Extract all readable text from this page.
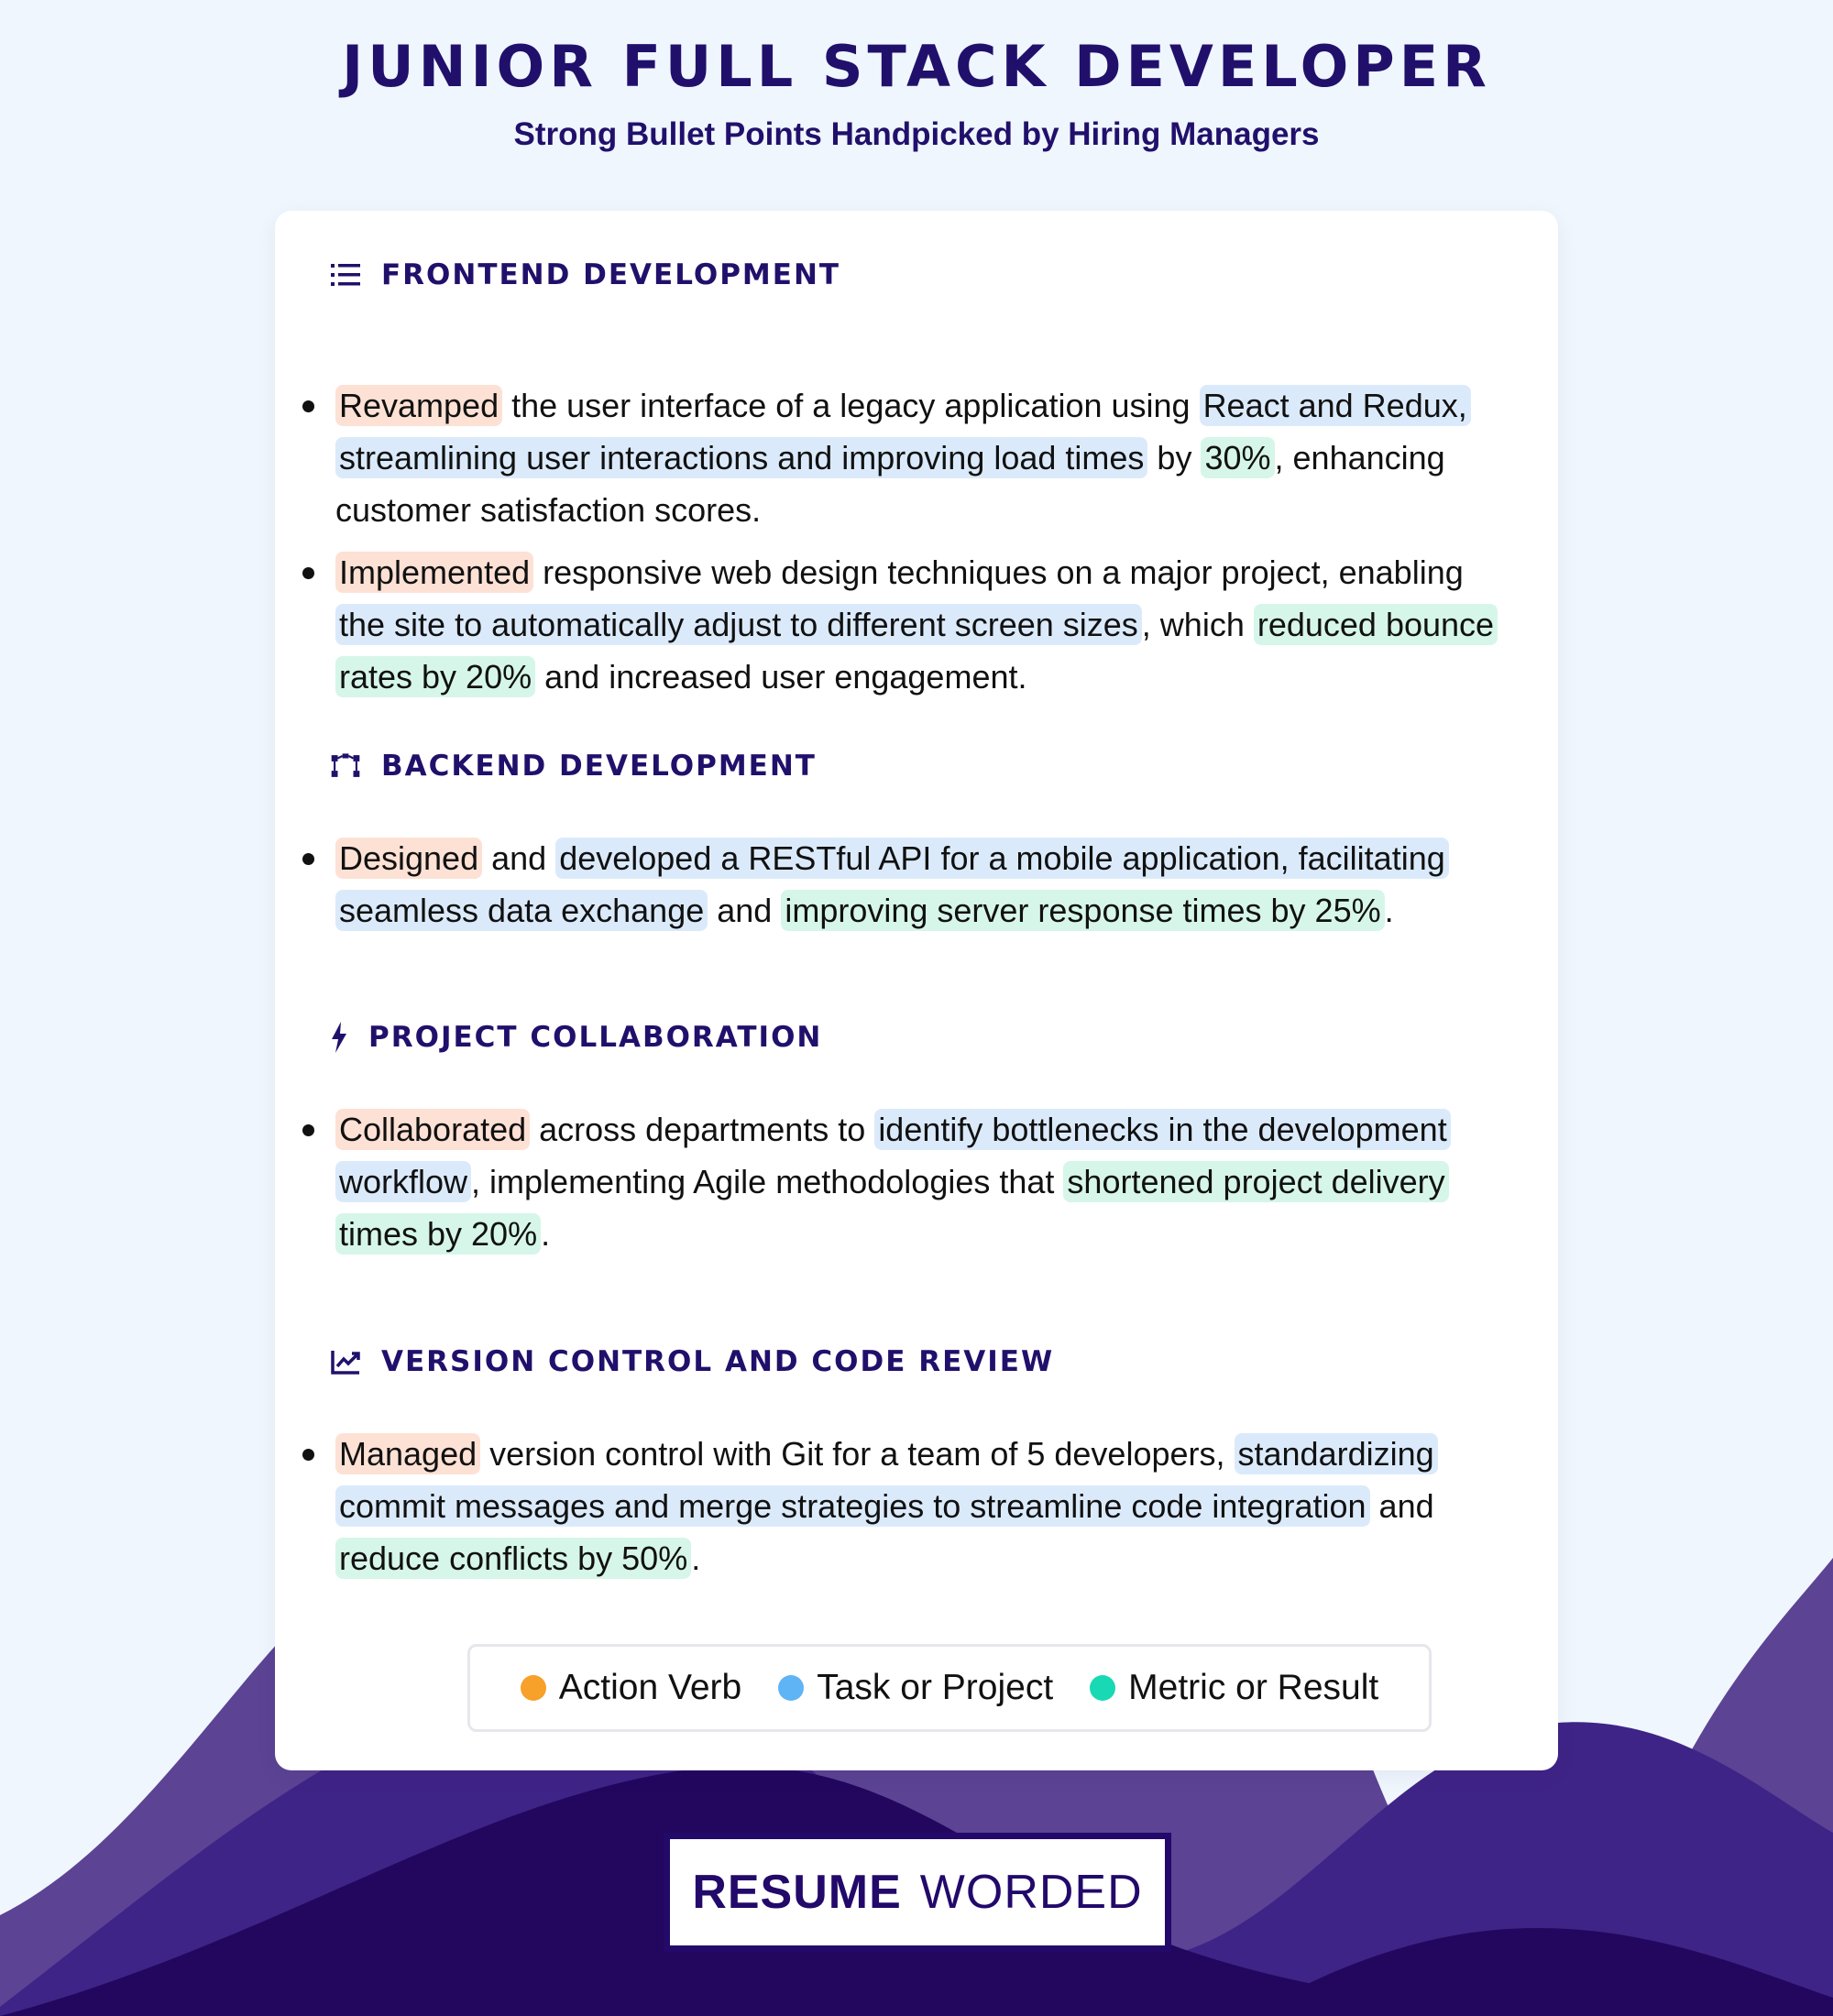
JUNIOR FULL STACK DEVELOPER
Strong Bullet Points Handpicked by Hiring Managers
FRONTEND DEVELOPMENT
Revamped the user interface of a legacy application using React and Redux, streamlining user interactions and improving load times by 30% , enhancing customer satisfaction scores.
Implemented responsive web design techniques on a major project, enabling the site to automatically adjust to different screen sizes , which reduced bounce rates by 20% and increased user engagement.
BACKEND DEVELOPMENT
Designed and developed a RESTful API for a mobile application, facilitating seamless data exchange and improving server response times by 25% .
PROJECT COLLABORATION
Collaborated across departments to identify bottlenecks in the development workflow , implementing Agile methodologies that shortened project delivery times by 20% .
VERSION CONTROL AND CODE REVIEW
Managed version control with Git for a team of 5 developers, standardizing commit messages and merge strategies to streamline code integration and reduce conflicts by 50% .
Action Verb Task or Project Metric or Result
RESUME WORDED
